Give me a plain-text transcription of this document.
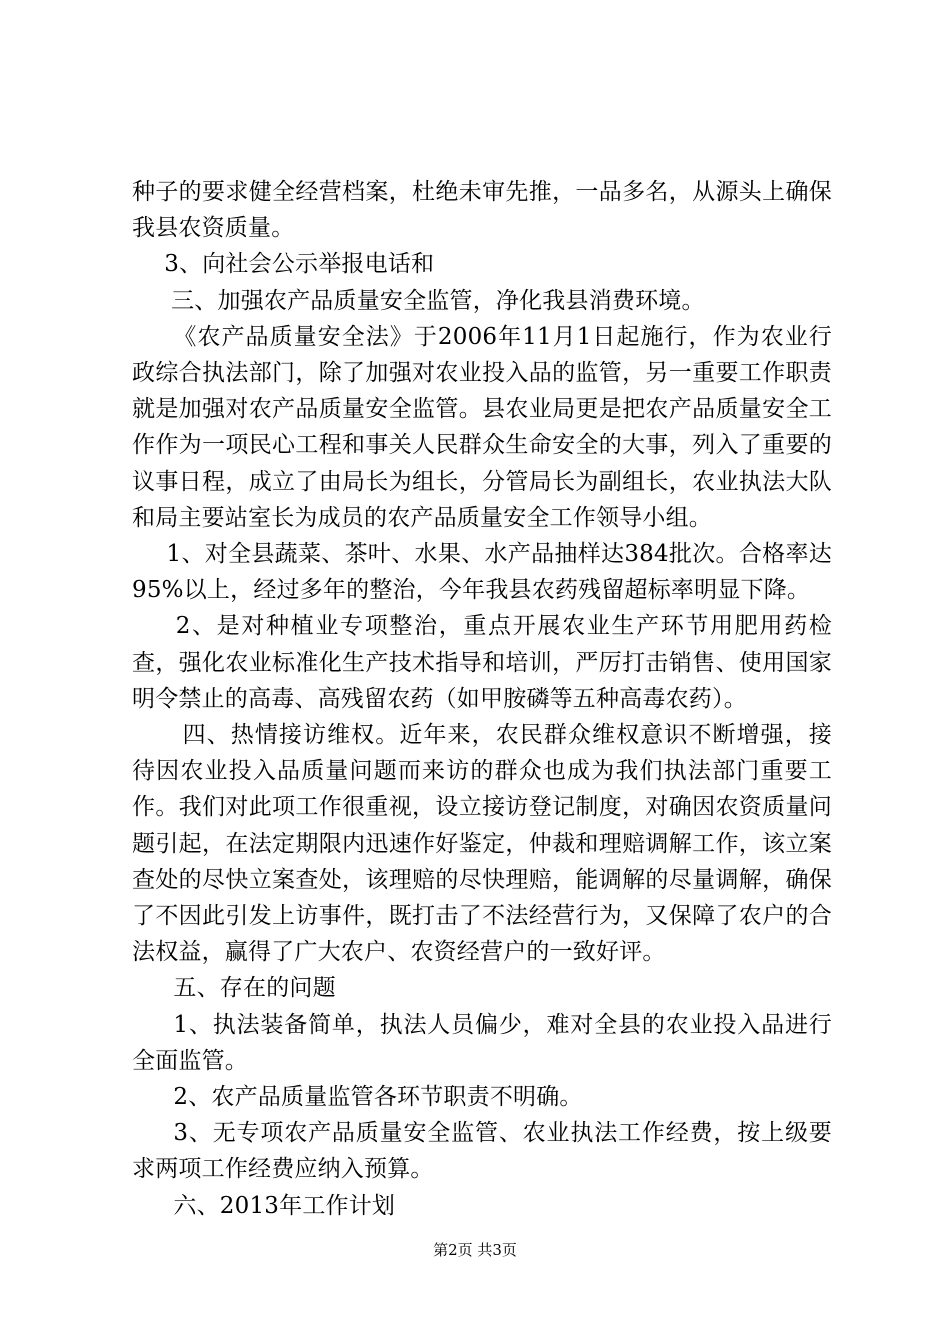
种子的要求健全经营档案，杜绝未审先推，一品多名，从源头上确保我县农资质量。

3、向社会公示举报电话和

三、加强农产品质量安全监管，净化我县消费环境。

《农产品质量安全法》于2006年11月1日起施行，作为农业行政综合执法部门，除了加强对农业投入品的监管，另一重要工作职责就是加强对农产品质量安全监管。县农业局更是把农产品质量安全工作作为一项民心工程和事关人民群众生命安全的大事，列入了重要的议事日程，成立了由局长为组长，分管局长为副组长，农业执法大队和局主要站室长为成员的农产品质量安全工作领导小组。

1、对全县蔬菜、茶叶、水果、水产品抽样达384批次。合格率达95%以上，经过多年的整治，今年我县农药残留超标率明显下降。

2、是对种植业专项整治，重点开展农业生产环节用肥用药检查，强化农业标准化生产技术指导和培训，严厉打击销售、使用国家明令禁止的高毒、高残留农药（如甲胺磷等五种高毒农药）。

四、热情接访维权。近年来，农民群众维权意识不断增强，接待因农业投入品质量问题而来访的群众也成为我们执法部门重要工作。我们对此项工作很重视，设立接访登记制度，对确因农资质量问题引起，在法定期限内迅速作好鉴定，仲裁和理赔调解工作，该立案查处的尽快立案查处，该理赔的尽快理赔，能调解的尽量调解，确保了不因此引发上访事件，既打击了不法经营行为，又保障了农户的合法权益，赢得了广大农户、农资经营户的一致好评。

五、存在的问题

1、执法装备简单，执法人员偏少，难对全县的农业投入品进行全面监管。

2、农产品质量监管各环节职责不明确。

3、无专项农产品质量安全监管、农业执法工作经费，按上级要求两项工作经费应纳入预算。

六、2013年工作计划

第2页 共3页
